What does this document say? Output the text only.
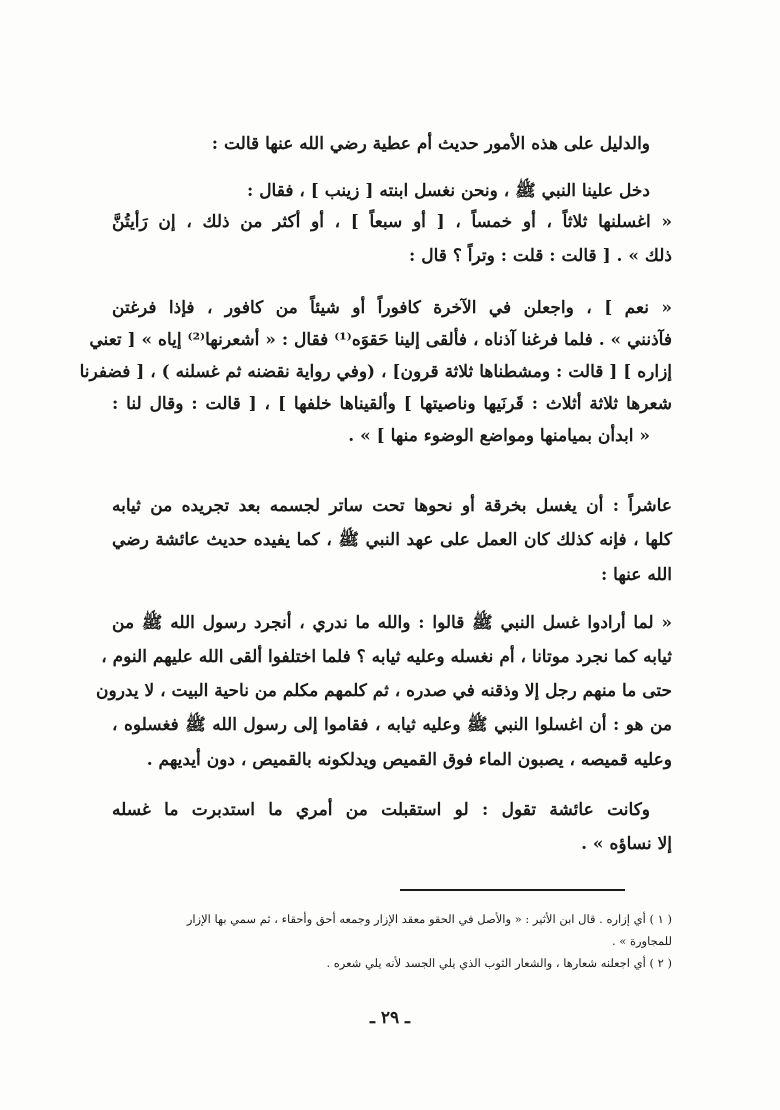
والدليل على هذه الأمور حديث أم عطية رضي الله عنها قالت :
دخل علينا النبي ﷺ ، ونحن نغسل ابنته [ زينب ] ، فقال :
« اغسلنها ثلاثاً ، أو خمساً ، [ أو سبعاً ] ، أو أكثر من ذلك ، إن رَأيتُنَّ
ذلك » . [ قالت : قلت : وتراً ؟ قال :
« نعم ] ، واجعلن في الآخرة كافوراً أو شيئاً من كافور ، فإذا فرغتن
فآذنني » . فلما فرغنا آذناه ، فألقى إلينا حَقوَه⁽¹⁾ فقال : « أشعرنها⁽²⁾ إياه » [ تعني
إزاره ] [ قالت : ومشطناها ثلاثة قرون] ، (وفي رواية نقضنه ثم غسلنه ) ، [ فضفرنا
شعرها ثلاثة أثلاث : قَرنَيها وناصيتها ] وألقيناها خلفها ] ، [ قالت : وقال لنا :
« ابدأن بميامنها ومواضع الوضوء منها ] » .
عاشراً : أن يغسل بخرقة أو نحوها تحت ساتر لجسمه بعد تجريده من ثيابه
كلها ، فإنه كذلك كان العمل على عهد النبي ﷺ ، كما يفيده حديث عائشة رضي
الله عنها :
« لما أرادوا غسل النبي ﷺ قالوا : والله ما ندري ، أنجرد رسول الله ﷺ من
ثيابه كما نجرد موتانا ، أم نغسله وعليه ثيابه ؟ فلما اختلفوا ألقى الله عليهم النوم ،
حتى ما منهم رجل إلا وذقنه في صدره ، ثم كلمهم مكلم من ناحية البيت ، لا يدرون
من هو : أن اغسلوا النبي ﷺ وعليه ثيابه ، فقاموا إلى رسول الله ﷺ فغسلوه ،
وعليه قميصه ، يصبون الماء فوق القميص ويدلكونه بالقميص ، دون أيديهم .
وكانت عائشة تقول : لو استقبلت من أمري ما استدبرت ما غسله
إلا نساؤه » .
( ١ ) أي إزاره . قال ابن الأثير : « والأصل في الحقو معقد الإزار وجمعه أحق وأحقاء ، ثم سمي بها الإزار
للمجاورة » .
( ٢ ) أي اجعلنه شعارها ، والشعار الثوب الذي يلي الجسد لأنه يلي شعره .
ـ ٢٩ ـ
